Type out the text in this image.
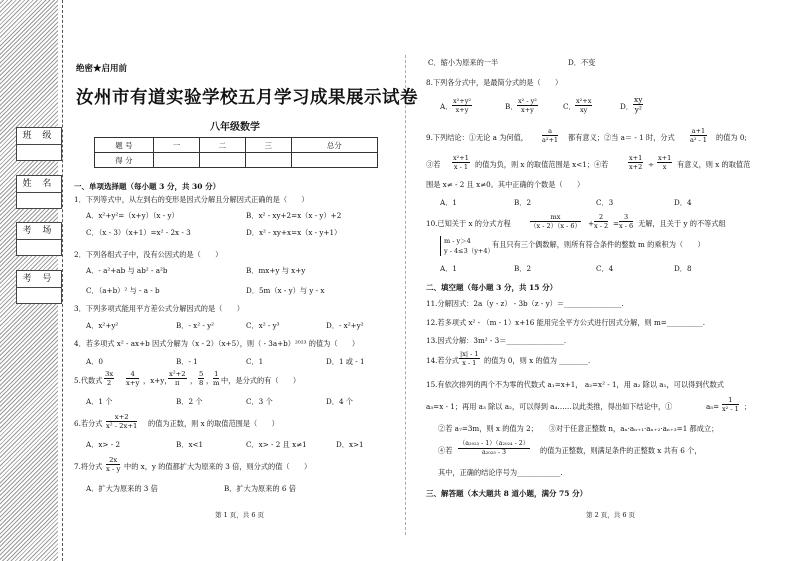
班 级
姓 名
考 场
考 号
绝密★启用前
汝州市有道实验学校五月学习成果展示试卷
八年级数学
题 号	一	二	三	总分
得 分				
一、单项选择题（每小题 3 分，共 30 分）
1．下列等式中，从左到右的变形是因式分解且分解因式正确的是（　　）
A．x²+y²=（x+y）（x - y）	B．x² - xy+2=x（x - y）+2
C．（x - 3）（x+1）=x² - 2x - 3	D．x² - xy+x=x（x - y+1）
2．下列各组式子中，没有公因式的是（　　）
A．- a²+ab 与 ab² - a²b	B．mx+y 与 x+y
C．（a+b）² 与 - a - b	D．5m（x - y）与 y - x
3．下列多项式能用平方差公式分解因式的是（　　）
A．x²+y²	B．- x² - y²	C．x² - y³	D．- x²+y²
4．若多项式 x² - ax+b 因式分解为（x - 2）（x+5），则（ - 3a+b）²⁰²³ 的值为（　　）
A．0	B．- 1	C．1	D．1 或 - 1
5.代数式 $\frac{3x}{2} \frac{4}{x+y}$ ，x+y，
$\frac{\text{x²+2}}{\pi}$ ， $\frac{5}{8}$ ， $\frac{1}{m}$ 中，是分式的有（　　）
A．1 个	B．2 个	C．3 个	D．4 个
6.若分式 $\frac{x+2}{\text{x² - 2x+1}}$ 的值为正数，则 x 的取值范围是（　　）
A．x> - 2	B．x<1	C．x> - 2 且 x≠1	D．x>1
7.将分式 $\frac{2x}{x - y}$ 中的 x，y 的值都扩大为原来的 3 倍，则分式的值（　　）
A．扩大为原来的 3 倍	B．扩大为原来的 6 倍
第 1 页，共 6 页
C．缩小为原来的一半	D．不变
8.下列各分式中，是最简分式的是（　　）
A． $\frac{\text{x²+y²}}{x+y}$	B． $\frac{\text{x² - y²}}{x+y}$	C． $\frac{\text{x²+x}}{xy}$	D． $\frac{xy}{\text{y²}}$
9.下列结论：①无论 a 为何值， $\frac{a}{\text{a²+1}}$ 都有意义；②当 a＝ - 1 时，分式 $\frac{a+1}{\text{a² - 1}}$ 的值为 0;
③若 $\frac{\text{x²+1}}{x - 1}$ 的值为负，则 x 的取值范围是 x<1；④若	$\frac{x+1}{x+2} \div \frac{x+1}{x}$ 有意义，则 x 的取值范
围是 x≠ - 2 且 x≠0。其中正确的个数是（　　）
A．1	B．2	C．3	D．4
10.已知关于 x 的分式方程	$\frac{mx}{(x - 2)(x - 6)} + \frac{2}{x - 2} = \frac{3}{x - 6}$ 无解，且关于 y 的不等式组
m - y＞4
y - 4≤3（y+4）
有且只有三个偶数解，则所有符合条件的整数 m 的乘积为（　　）
A．1	B．2	C．4	D．8
二、填空题（每小题 3 分，共 15 分）
11.分解因式：2a（y - z） - 3b（z - y）＝________________.
12.若多项式 x² - （m - 1）x+16 能用完全平方公式进行因式分解，则 m=__________.
13.因式分解：3m² - 3＝________________.
14.若分式 $\frac{|x| - 1}{x - 1}$ 的值为 0，则 x 的值为 ________.
15.有依次排列的两个不为零的代数式 a₁=x+1， a₂=x² - 1，用 a₂ 除以 a₁，可以得到代数式
a₃=x - 1；再用 a₃ 除以 a₂，可以得到 a₄……以此类推，得出如下结论中，①	$a_5= \frac{1}{\text{x² - 1}}$ ；
②若 a₇=3m，则 x 的值为 2；　　③对于任意正整数 n，aₙ·aₙ₊₁·aₙ₊₂·aₙ₊₃=1 都成立；
④若 $\frac{\text{（a₂₀₂₃ - 1）（a₂₀₂₄ - 2）}}{\text{a₂₀₂₅ - 3}}$ 的值为正整数，则满足条件的正整数 x 共有 6 个，
其中，正确的结论序号为____________.
三、解答题（本大题共 8 道小题，满分 75 分）
第 2 页，共 6 页
